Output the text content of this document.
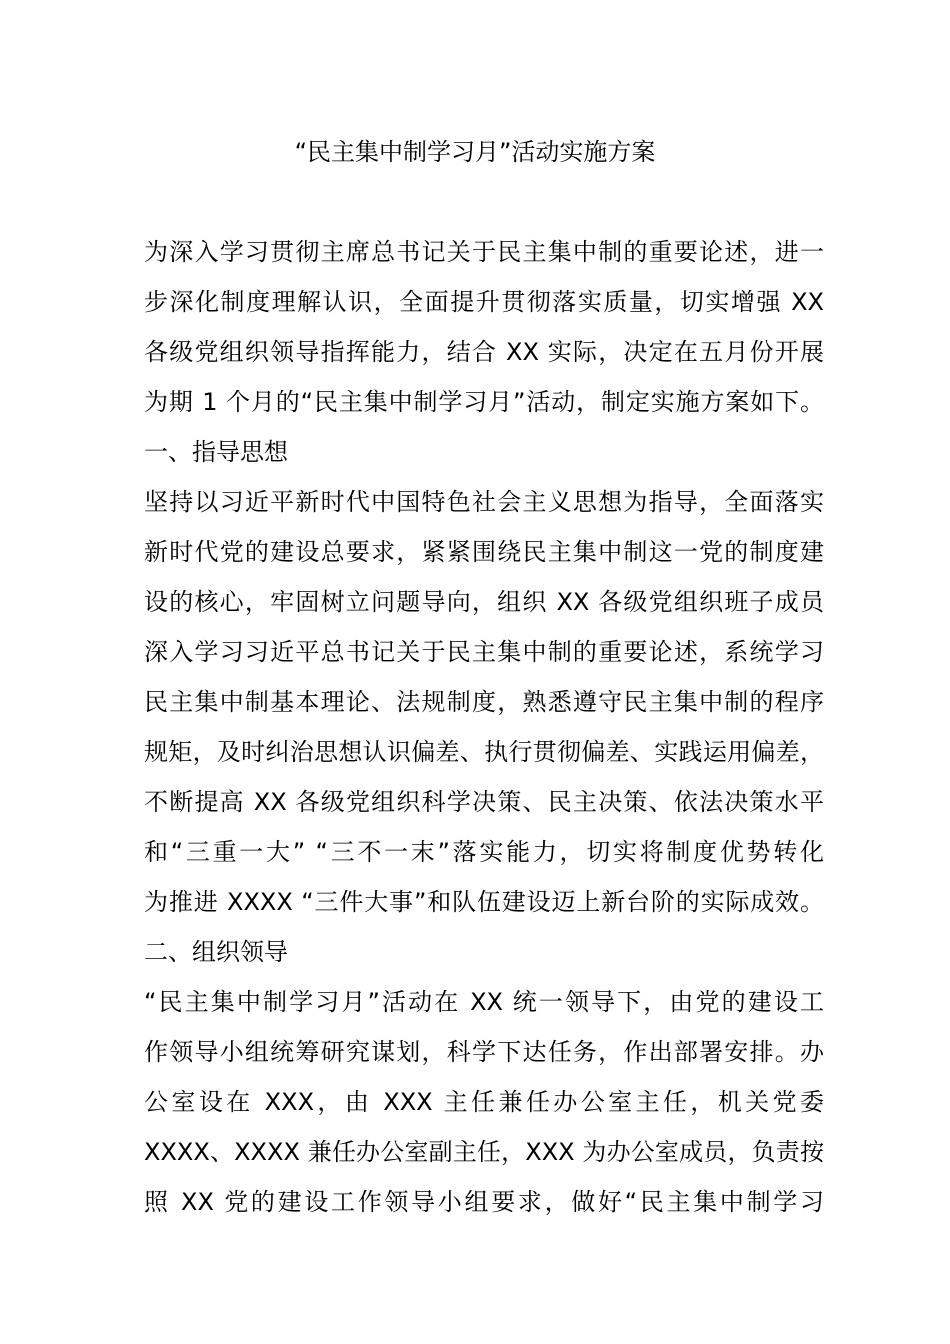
“民主集中制学习月”活动实施方案
为深入学习贯彻主席总书记关于民主集中制的重要论述，进一
步深化制度理解认识，全面提升贯彻落实质量，切实增强 XX
各级党组织领导指挥能力，结合 XX 实际，决定在五月份开展
为期 1 个月的“民主集中制学习月”活动，制定实施方案如下。
一、指导思想
坚持以习近平新时代中国特色社会主义思想为指导，全面落实
新时代党的建设总要求，紧紧围绕民主集中制这一党的制度建
设的核心，牢固树立问题导向，组织 XX 各级党组织班子成员
深入学习习近平总书记关于民主集中制的重要论述，系统学习
民主集中制基本理论、法规制度，熟悉遵守民主集中制的程序
规矩，及时纠治思想认识偏差、执行贯彻偏差、实践运用偏差，
不断提高 XX 各级党组织科学决策、民主决策、依法决策水平
和“三重一大” “三不一末”落实能力，切实将制度优势转化
为推进 XXXX “三件大事”和队伍建设迈上新台阶的实际成效。
二、组织领导
“民主集中制学习月”活动在 XX 统一领导下，由党的建设工
作领导小组统筹研究谋划，科学下达任务，作出部署安排。办
公室设在 XXX，由 XXX 主任兼任办公室主任，机关党委
XXXX、XXXX 兼任办公室副主任，XXX 为办公室成员，负责按
照 XX 党的建设工作领导小组要求，做好“民主集中制学习
